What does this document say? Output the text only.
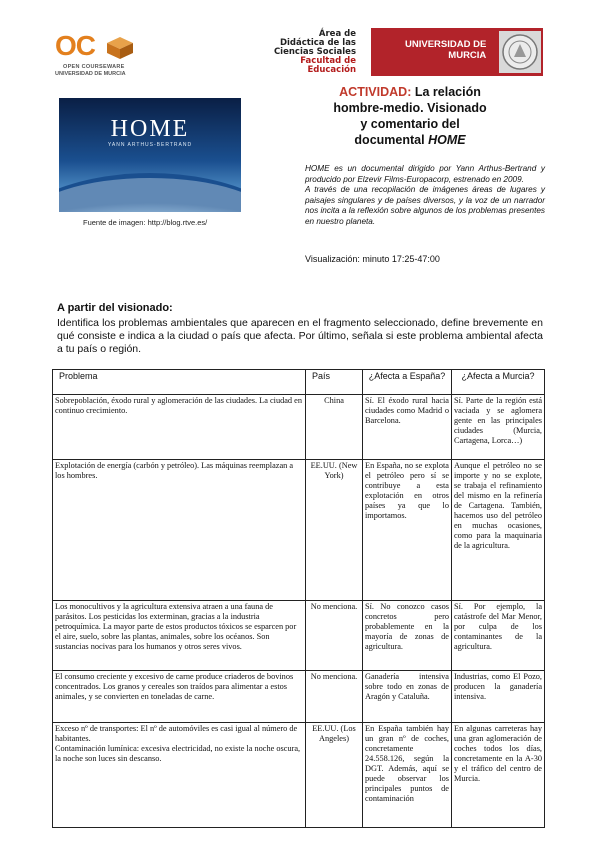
OC
OPEN COURSEWARE
UNIVERSIDAD DE MURCIA
Área de
Didáctica de las
Ciencias Sociales
Facultad de
Educación
UNIVERSIDAD DE
MURCIA
HOME
YANN ARTHUS-BERTRAND
Fuente de imagen: http://blog.rtve.es/
ACTIVIDAD: La relación hombre-medio. Visionado y comentario del documental HOME

HOME es un documental dirigido por Yann Arthus-Bertrand y producido por Elzevir Films-Europacorp, estrenado en 2009.

A través de una recopilación de imágenes áreas de lugares y paisajes singulares y de países diversos, y la voz de un narrador nos incita a la reflexión sobre algunos de los problemas presentes en nuestro planeta.

Visualización: minuto 17:25-47:00
A partir del visionado:
Identifica los problemas ambientales que aparecen en el fragmento seleccionado, define brevemente en qué consiste e indica a la ciudad o país que afecta. Por último, señala si este problema ambiental afecta a tu país o región.
Problema	País	¿Afecta a España?	¿Afecta a Murcia?
Sobrepoblación, éxodo rural y aglomeración de las ciudades. La ciudad en continuo crecimiento.	China	Sí. El éxodo rural hacia ciudades como Madrid o Barcelona.	Sí. Parte de la región está vaciada y se aglomera gente en las principales ciudades (Murcia, Cartagena, Lorca…)
Explotación de energía (carbón y petróleo). Las máquinas reemplazan a los hombres.	EE.UU. (New York)	En España, no se explota el petróleo pero sí se contribuye a esta explotación en otros países ya que lo importamos.	Aunque el petróleo no se importe y no se explote, se trabaja el refinamiento del mismo en la refinería de Cartagena. También, hacemos uso del petróleo en muchas ocasiones, como para la maquinaria de la agricultura.
Los monocultivos y la agricultura extensiva atraen a una fauna de parásitos. Los pesticidas los exterminan, gracias a la industria petroquímica. La mayor parte de estos productos tóxicos se esparcen por el aire, suelo, sobre las plantas, animales, sobre los océanos. Son sustancias nocivas para los humanos y otros seres vivos.	No menciona.	Sí. No conozco casos concretos pero probablemente en la mayoría de zonas de agricultura.	Sí. Por ejemplo, la catástrofe del Mar Menor, por culpa de los contaminantes de la agricultura.
El consumo creciente y excesivo de carne produce criaderos de bovinos concentrados. Los granos y cereales son traídos para alimentar a estos animales, y se convierten en toneladas de carne.	No menciona.	Ganadería intensiva sobre todo en zonas de Aragón y Cataluña.	Industrias, como El Pozo, producen la ganadería intensiva.
Exceso nº de transportes: El nº de automóviles es casi igual al número de habitantes.
Contaminación lumínica: excesiva electricidad, no existe la noche oscura, la noche son luces sin descanso.	EE.UU. (Los Angeles)	En España también hay un gran nº de coches, concretamente 24.558.126, según la DGT. Además, aquí se puede observar los principales puntos de contaminación	En algunas carreteras hay una gran aglomeración de coches todos los días, concretamente en la A-30 y el tráfico del centro de Murcia.
